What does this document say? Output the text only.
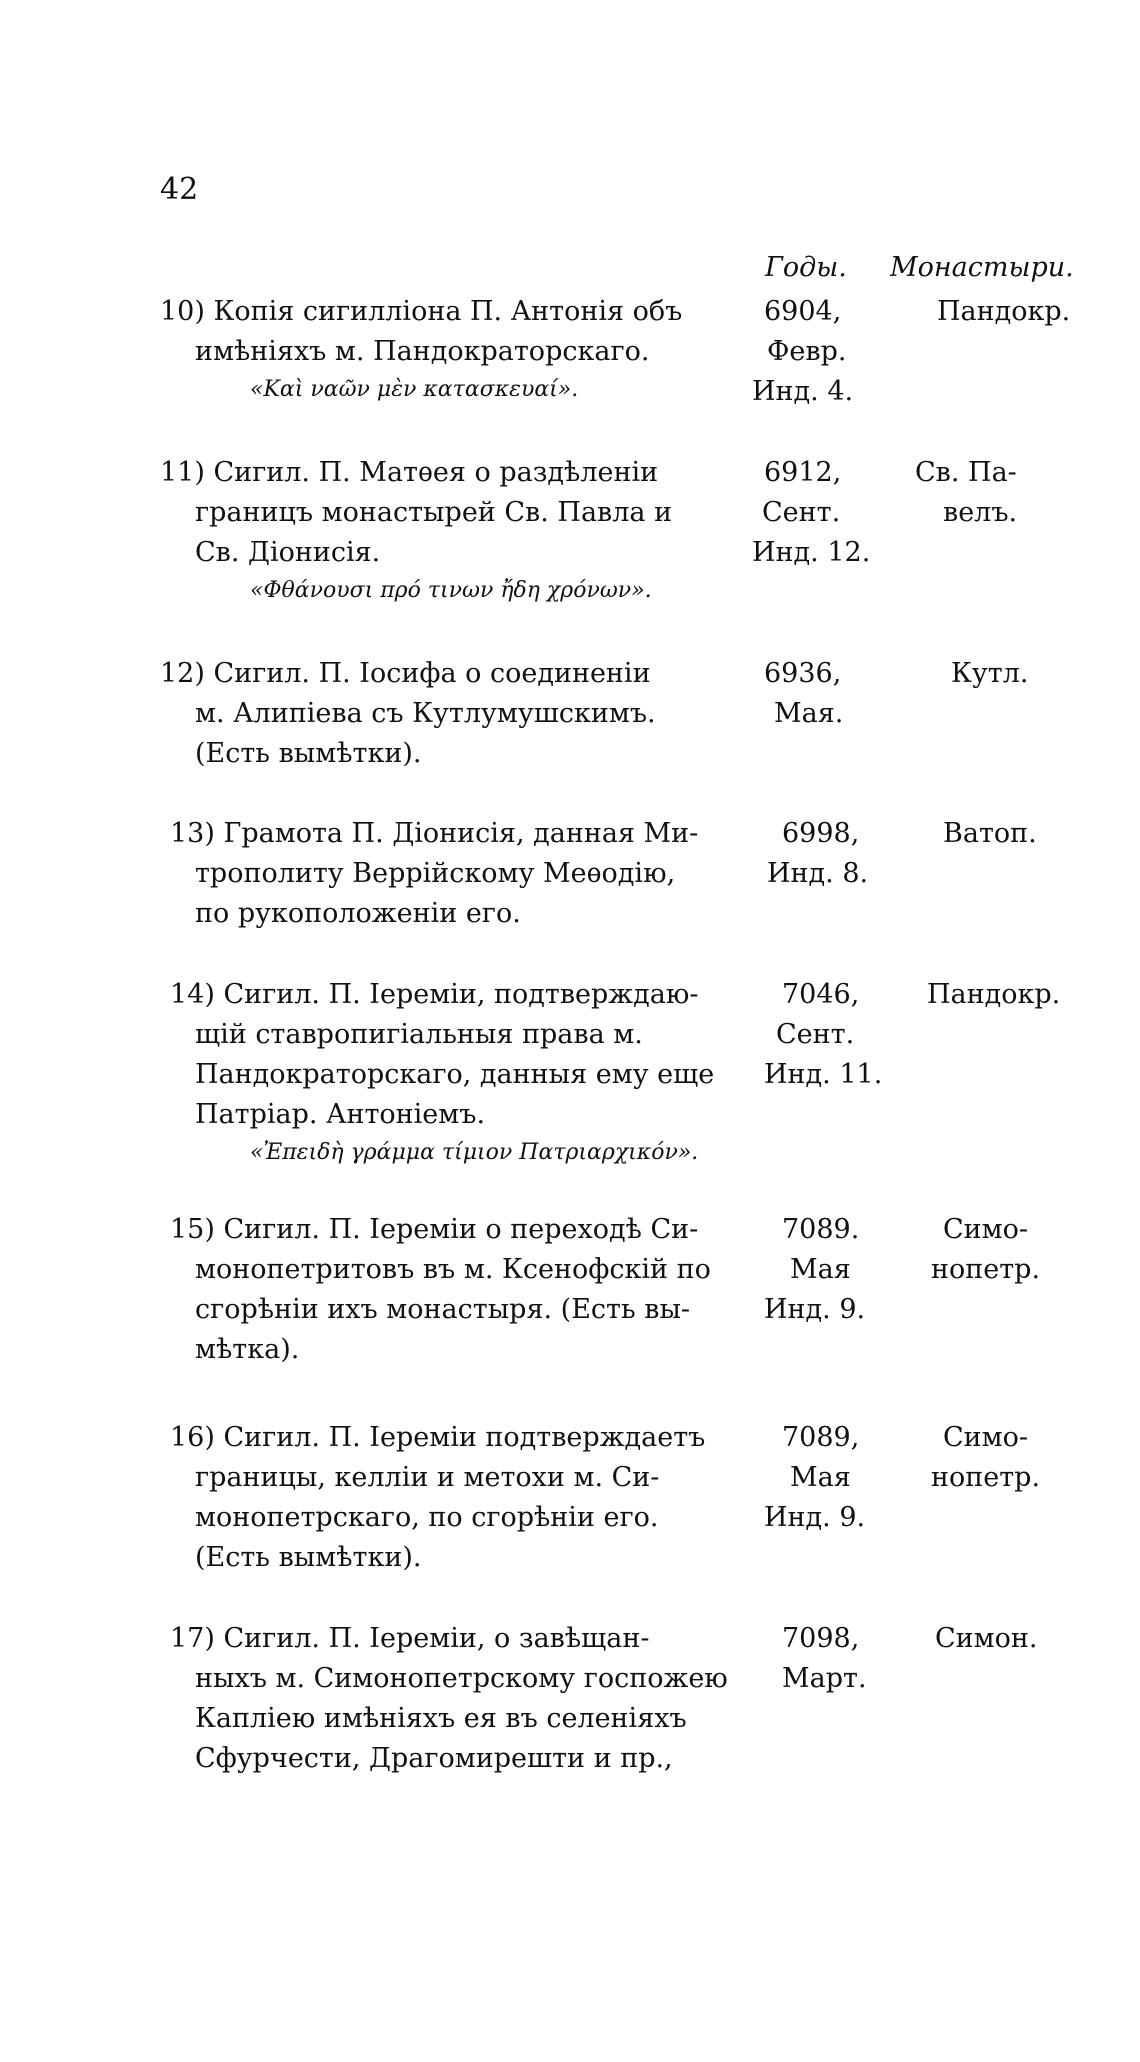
42
Годы. Монастыри.
10) Копія сигилліона П. Антонія объ
имѣніяхъ м. Пандократорскаго.
«Καὶ ναῶν μὲν κατασκευαί».
6904,
Февр.
Инд. 4.
Пандокр.
11) Сигил. П. Матѳея о раздѣленіи
границъ монастырей Св. Павла и
Св. Діонисія.
«Φθάνουσι πρό τινων ἤδη χρόνων».
6912,
Сент.
Инд. 12.
Св. Па-
велъ.
12) Сигил. П. Іосифа о соединеніи
м. Алипіева съ Кутлумушскимъ.
(Есть вымѣтки).
6936,
Мая.
Кутл.
13) Грамота П. Діонисія, данная Ми-
трополиту Веррійскому Меѳодію,
по рукоположеніи его.
6998,
Инд. 8.
Ватоп.
14) Сигил. П. Іереміи, подтверждаю-
щій ставропигіальныя права м.
Пандократорскаго, данныя ему еще
Патріар. Антоніемъ.
«Ἐπειδὴ γράμμα τίμιον Πατριαρχικόν».
7046,
Сент.
Инд. 11.
Пандокр.
15) Сигил. П. Іереміи о переходѣ Си-
монопетритовъ въ м. Ксенофскій по
сгорѣніи ихъ монастыря. (Есть вы-
мѣтка).
7089.
Мая
Инд. 9.
Симо-
нопетр.
16) Сигил. П. Іереміи подтверждаетъ
границы, келліи и метохи м. Си-
монопетрскаго, по сгорѣніи его.
(Есть вымѣтки).
7089,
Мая
Инд. 9.
Симо-
нопетр.
17) Сигил. П. Іереміи, о завѣщан-
ныхъ м. Симонопетрскому госпожею
Капліею имѣніяхъ ея въ селеніяхъ
Сфурчести, Драгомирешти и пр.,
7098,
Март.
Симон.
